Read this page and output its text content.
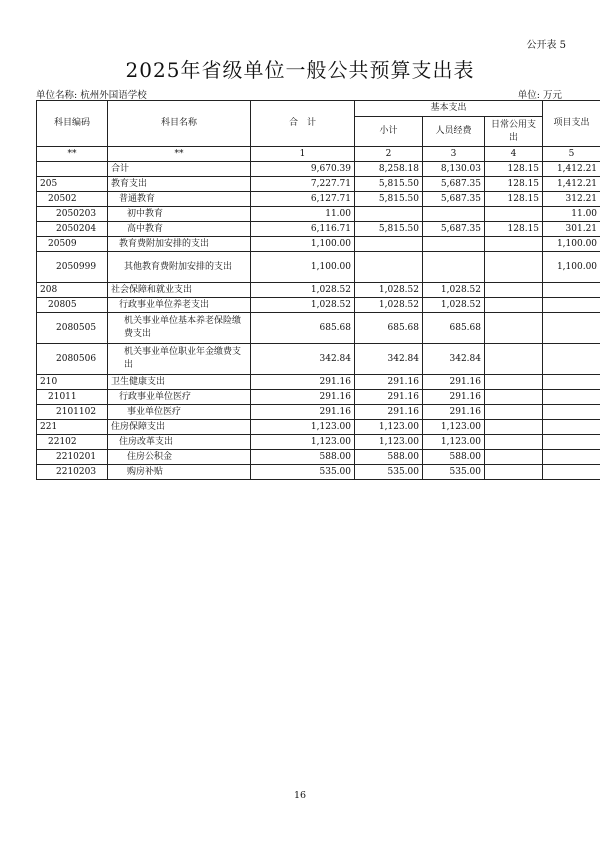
公开表 5
2025年省级单位一般公共预算支出表
单位名称: 杭州外国语学校	单位: 万元
科目编码	科目名称	合　计	基本支出			项目支出
			小计	人员经费	日常公用支出	

**	**	1	2	3	4	5
	合计	9,670.39	8,258.18	8,130.03	128.15	1,412.21
205	教育支出	7,227.71	5,815.50	5,687.35	128.15	1,412.21
20502	普通教育	6,127.71	5,815.50	5,687.35	128.15	312.21
2050203	初中教育	11.00				11.00
2050204	高中教育	6,116.71	5,815.50	5,687.35	128.15	301.21
20509	教育费附加安排的支出	1,100.00				1,100.00
2050999	其他教育费附加安排的支出	1,100.00				1,100.00
208	社会保障和就业支出	1,028.52	1,028.52	1,028.52		
20805	行政事业单位养老支出	1,028.52	1,028.52	1,028.52		
2080505	机关事业单位基本养老保险缴费支出	685.68	685.68	685.68		
2080506	机关事业单位职业年金缴费支出	342.84	342.84	342.84		
210	卫生健康支出	291.16	291.16	291.16		
21011	行政事业单位医疗	291.16	291.16	291.16		
2101102	事业单位医疗	291.16	291.16	291.16		
221	住房保障支出	1,123.00	1,123.00	1,123.00		
22102	住房改革支出	1,123.00	1,123.00	1,123.00		
2210201	住房公积金	588.00	588.00	588.00		
2210203	购房补贴	535.00	535.00	535.00		
16
